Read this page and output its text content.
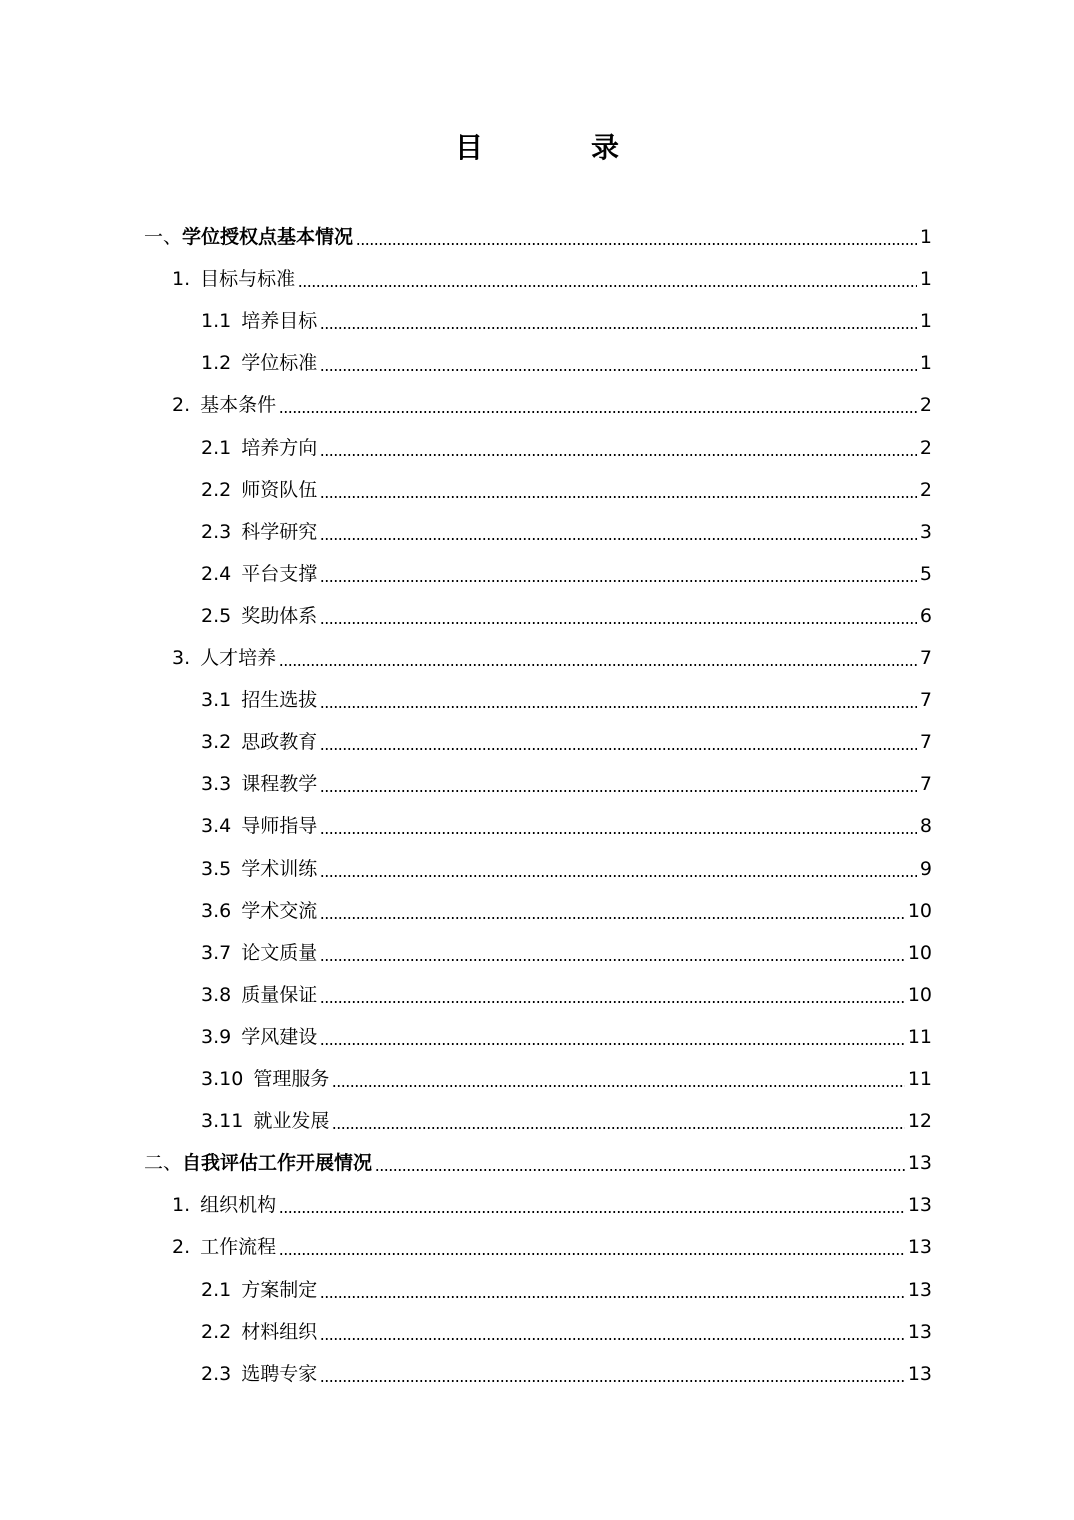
目　录
一、 学位授权点基本情况	1
1. 目标与标准	1
1.1 培养目标	1
1.2 学位标准	1
2. 基本条件	2
2.1 培养方向	2
2.2 师资队伍	2
2.3 科学研究	3
2.4 平台支撑	5
2.5 奖助体系	6
3. 人才培养	7
3.1 招生选拔	7
3.2 思政教育	7
3.3 课程教学	7
3.4 导师指导	8
3.5 学术训练	9
3.6 学术交流	10
3.7 论文质量	10
3.8 质量保证	10
3.9 学风建设	11
3.10 管理服务	11
3.11 就业发展	12
二、 自我评估工作开展情况	13
1. 组织机构	13
2. 工作流程	13
2.1 方案制定	13
2.2 材料组织	13
2.3 选聘专家	13
